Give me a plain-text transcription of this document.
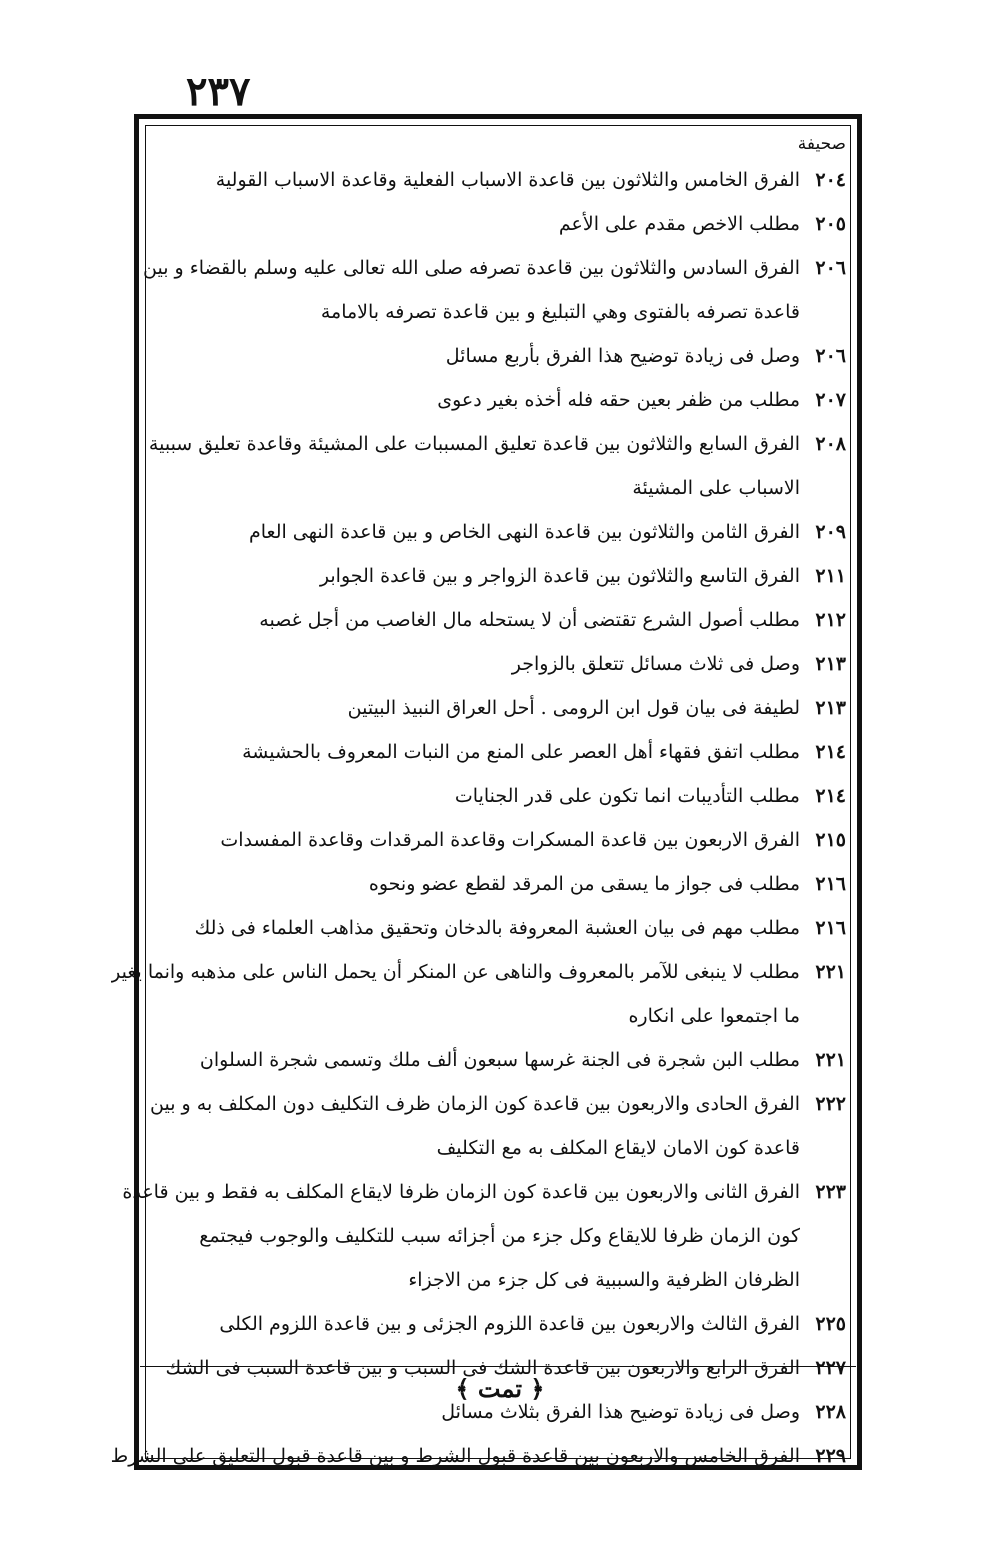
٢٣٧
صحيفة
٢٠٤
الفرق الخامس والثلاثون بين قاعدة الاسباب الفعلية وقاعدة الاسباب القولية
٢٠٥
مطلب الاخص مقدم على الأعم
٢٠٦
الفرق السادس والثلاثون بين قاعدة تصرفه صلى الله تعالى عليه وسلم بالقضاء و بين
قاعدة تصرفه بالفتوى وهي التبليغ و بين قاعدة تصرفه بالامامة
٢٠٦
وصل فى زيادة توضيح هذا الفرق بأربع مسائل
٢٠٧
مطلب من ظفر بعين حقه فله أخذه بغير دعوى
٢٠٨
الفرق السابع والثلاثون بين قاعدة تعليق المسببات على المشيئة وقاعدة تعليق سببية
الاسباب على المشيئة
٢٠٩
الفرق الثامن والثلاثون بين قاعدة النهى الخاص و بين قاعدة النهى العام
٢١١
الفرق التاسع والثلاثون بين قاعدة الزواجر و بين قاعدة الجوابر
٢١٢
مطلب أصول الشرع تقتضى أن لا يستحله مال الغاصب من أجل غصبه
٢١٣
وصل فى ثلاث مسائل تتعلق بالزواجر
٢١٣
لطيفة فى بيان قول ابن الرومى . أحل العراق النبيذ البيتين
٢١٤
مطلب اتفق فقهاء أهل العصر على المنع من النبات المعروف بالحشيشة
٢١٤
مطلب التأديبات انما تكون على قدر الجنايات
٢١٥
الفرق الاربعون بين قاعدة المسكرات وقاعدة المرقدات وقاعدة المفسدات
٢١٦
مطلب فى جواز ما يسقى من المرقد لقطع عضو ونحوه
٢١٦
مطلب مهم فى بيان العشبة المعروفة بالدخان وتحقيق مذاهب العلماء فى ذلك
٢٢١
مطلب لا ينبغى للآمر بالمعروف والناهى عن المنكر أن يحمل الناس على مذهبه وانما يغير
ما اجتمعوا على انكاره
٢٢١
مطلب البن شجرة فى الجنة غرسها سبعون ألف ملك وتسمى شجرة السلوان
٢٢٢
الفرق الحادى والاربعون بين قاعدة كون الزمان ظرف التكليف دون المكلف به و بين
قاعدة كون الامان لايقاع المكلف به مع التكليف
٢٢٣
الفرق الثانى والاربعون بين قاعدة كون الزمان ظرفا لايقاع المكلف به فقط و بين قاعدة
كون الزمان ظرفا للايقاع وكل جزء من أجزائه سبب للتكليف والوجوب فيجتمع
الظرفان الظرفية والسببية فى كل جزء من الاجزاء
٢٢٥
الفرق الثالث والاربعون بين قاعدة اللزوم الجزئى و بين قاعدة اللزوم الكلى
٢٢٧
الفرق الرابع والاربعون بين قاعدة الشك فى السبب و بين قاعدة السبب فى الشك
٢٢٨
وصل فى زيادة توضيح هذا الفرق بثلاث مسائل
٢٢٩
الفرق الخامس والاربعون بين قاعدة قبول الشرط و بين قاعدة قبول التعليق على الشرط
﴿ تمت ﴾
